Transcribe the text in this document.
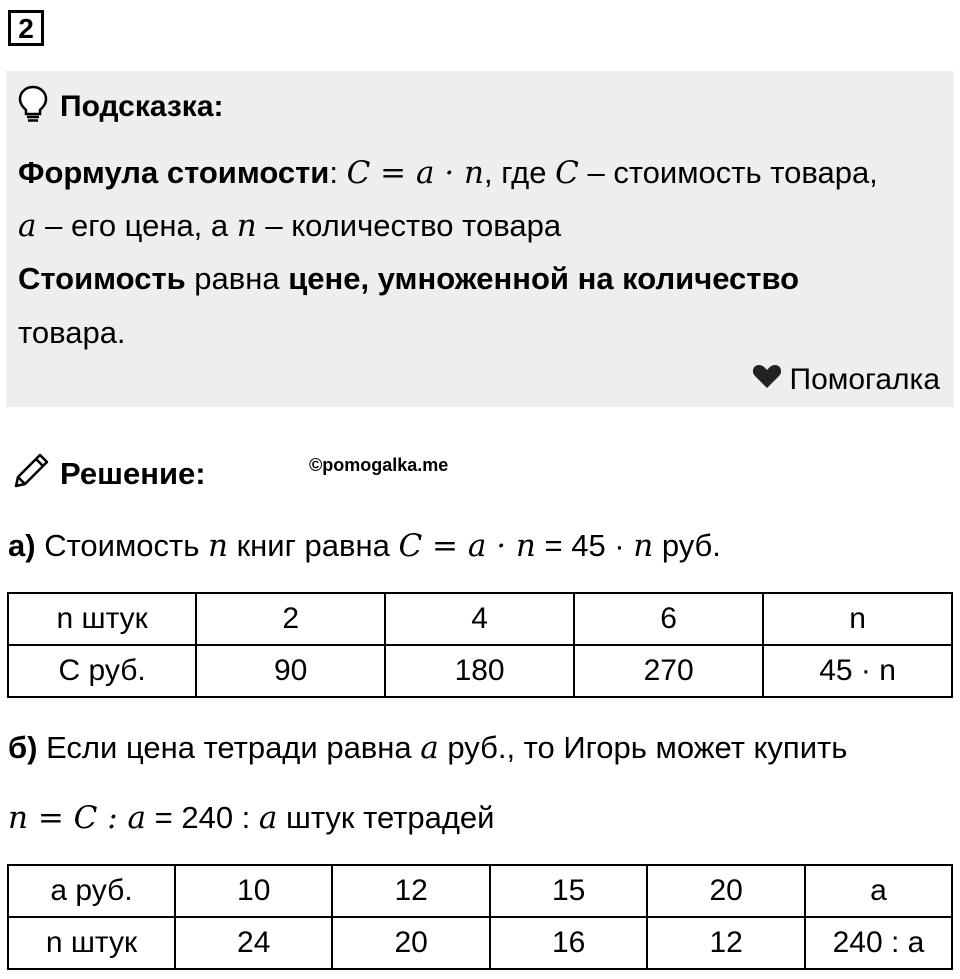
2
Подсказка:

Формула стоимости: C = a · n, где C – стоимость товара,

a – его цена, а n – количество товара

Стоимость равна цене, умноженной на количество

товара.

Помогалка
Решение:	©pomogalka.me

а) Стоимость n книг равна C = a · n = 45 · n руб.

n штук	2	4	6	n
C руб.	90	180	270	45 · n

б) Если цена тетради равна a руб., то Игорь может купить

n = C : a = 240 : a штук тетрадей

a руб.	10	12	15	20	a
n штук	24	20	16	12	240 : a
